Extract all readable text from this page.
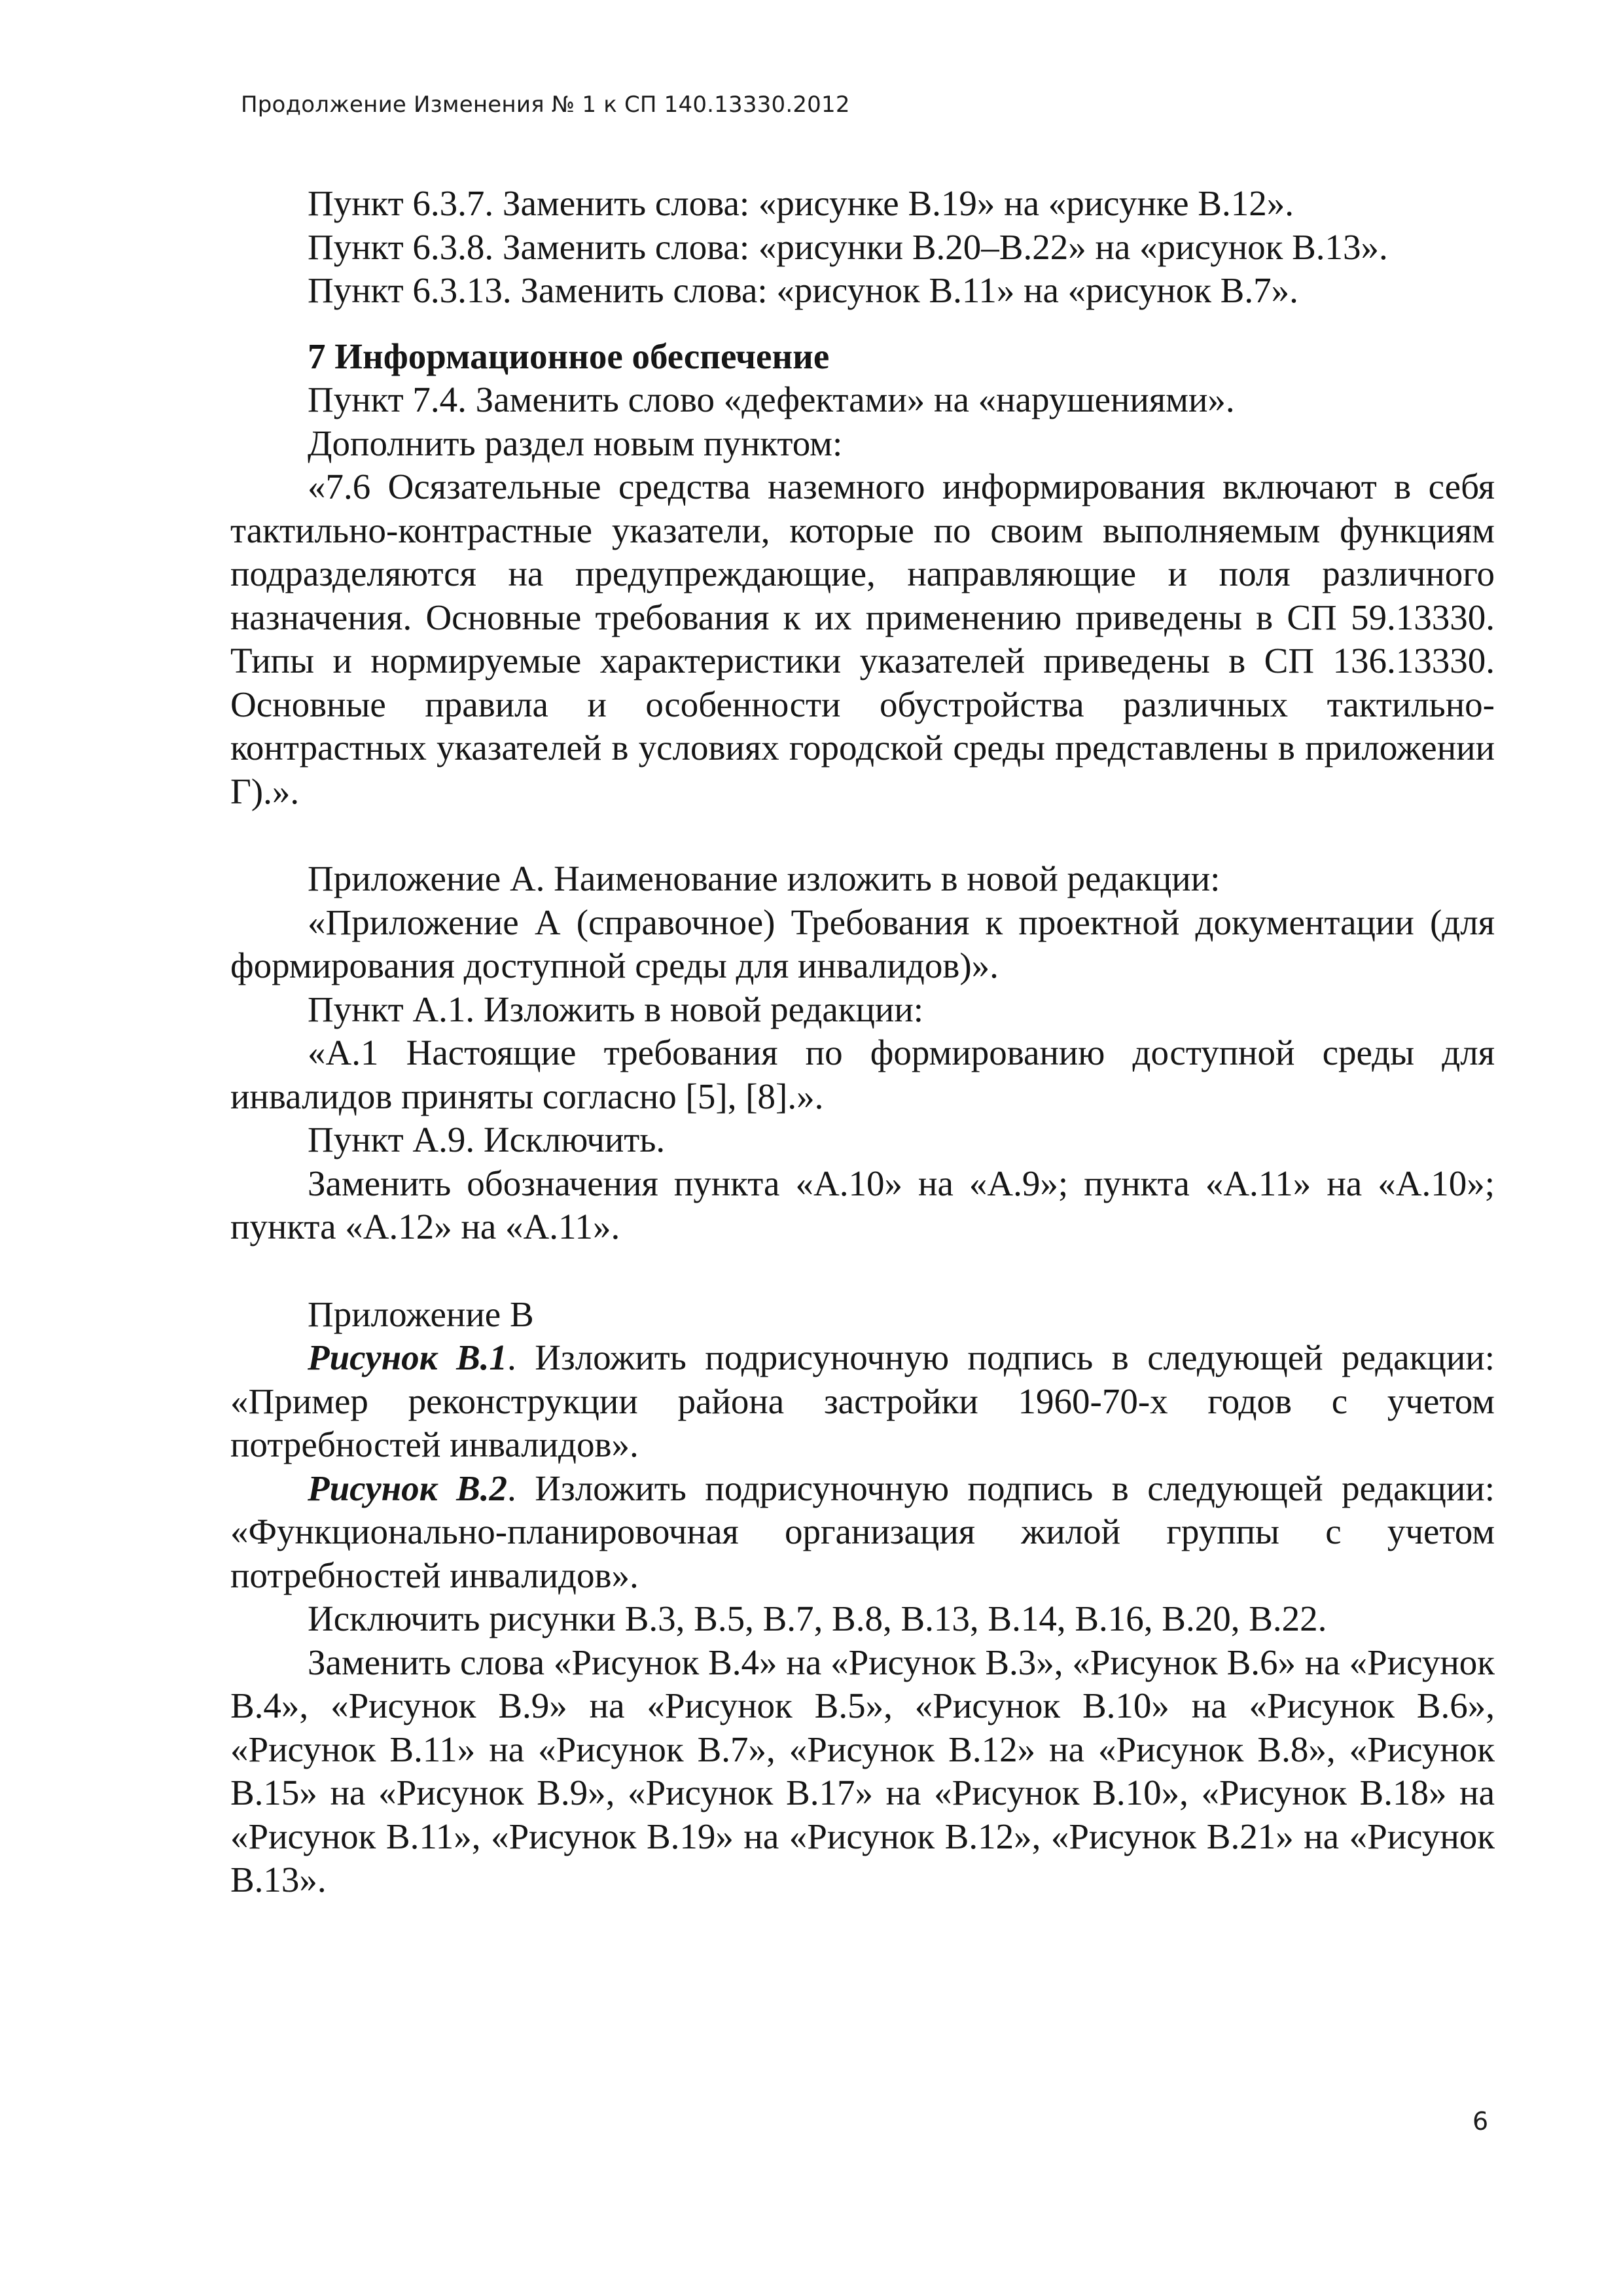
Продолжение Изменения № 1 к СП 140.13330.2012

Пункт 6.3.7. Заменить слова: «рисунке В.19» на «рисунке В.12».

Пункт 6.3.8. Заменить слова: «рисунки В.20–В.22» на «рисунок В.13».

Пункт 6.3.13. Заменить слова: «рисунок В.11» на «рисунок В.7».

7 Информационное обеспечение

Пункт 7.4. Заменить слово «дефектами» на «нарушениями».

Дополнить раздел новым пунктом:

«7.6 Осязательные средства наземного информирования включают в себя тактильно-контрастные указатели, которые по своим выполняемым функциям подразделяются на предупреждающие, направляющие и поля различного назначения. Основные требования к их применению приведены в СП 59.13330. Типы и нормируемые характеристики указателей приведены в СП 136.13330. Основные правила и особенности обустройства различных тактильно-контрастных указателей в условиях городской среды представлены в приложении Г).».

Приложение А. Наименование изложить в новой редакции:

«Приложение А (справочное) Требования к проектной документации (для формирования доступной среды для инвалидов)».

Пункт А.1. Изложить в новой редакции:

«А.1 Настоящие требования по формированию доступной среды для инвалидов приняты согласно [5], [8].».

Пункт А.9. Исключить.

Заменить обозначения пункта «А.10» на «А.9»; пункта «А.11» на «А.10»; пункта «А.12» на «А.11».

Приложение В

Рисунок В.1. Изложить подрисуночную подпись в следующей редакции: «Пример реконструкции района застройки 1960-70-х годов с учетом потребностей инвалидов».

Рисунок В.2. Изложить подрисуночную подпись в следующей редакции: «Функционально-планировочная организация жилой группы с учетом потребностей инвалидов».

Исключить рисунки В.3, В.5, В.7, В.8, В.13, В.14, В.16, В.20, В.22.

Заменить слова «Рисунок В.4» на «Рисунок В.3», «Рисунок В.6» на «Рисунок В.4», «Рисунок В.9» на «Рисунок В.5», «Рисунок В.10» на «Рисунок В.6», «Рисунок В.11» на «Рисунок В.7», «Рисунок В.12» на «Рисунок В.8», «Рисунок В.15» на «Рисунок В.9», «Рисунок В.17» на «Рисунок В.10», «Рисунок В.18» на «Рисунок В.11», «Рисунок В.19» на «Рисунок В.12», «Рисунок В.21» на «Рисунок В.13».

6
